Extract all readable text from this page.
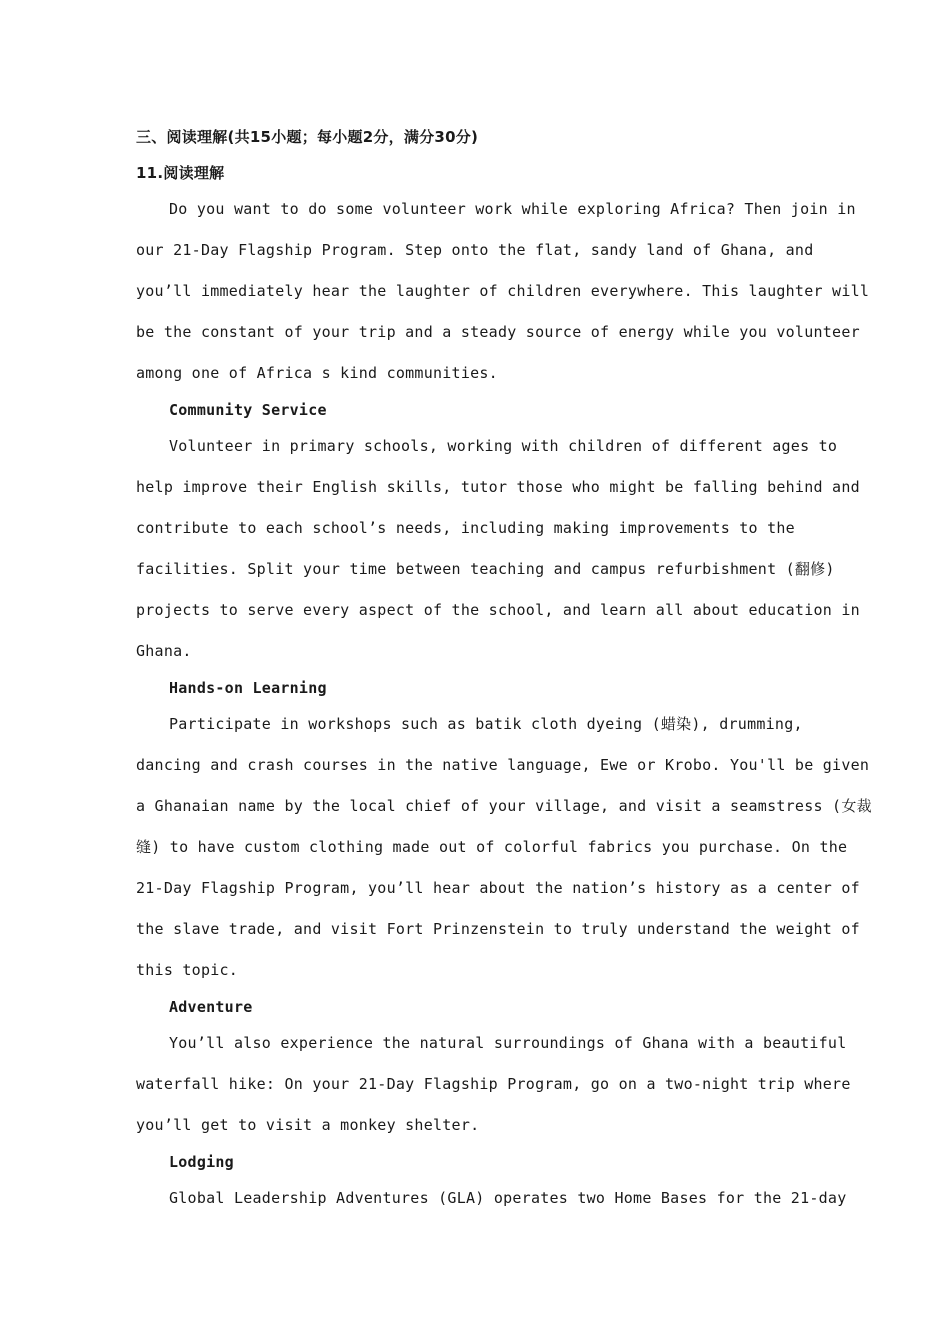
三、阅读理解(共15小题；每小题2分，满分30分)
11.阅读理解
Do you want to do some volunteer work while exploring Africa? Then join in
our 21-Day Flagship Program. Step onto the flat, sandy land of Ghana, and
you’ll immediately hear the laughter of children everywhere. This laughter will
be the constant of your trip and a steady source of energy while you volunteer
among one of Africa s kind communities.
Community Service
Volunteer in primary schools, working with children of different ages to
help improve their English skills, tutor those who might be falling behind and
contribute to each school’s needs, including making improvements to the
facilities. Split your time between teaching and campus refurbishment (翻修)
projects to serve every aspect of the school, and learn all about education in
Ghana.
Hands-on Learning
Participate in workshops such as batik cloth dyeing (蜡染), drumming,
dancing and crash courses in the native language, Ewe or Krobo. You'll be given
a Ghanaian name by the local chief of your village, and visit a seamstress (女裁
缝) to have custom clothing made out of colorful fabrics you purchase. On the
21-Day Flagship Program, you’ll hear about the nation’s history as a center of
the slave trade, and visit Fort Prinzenstein to truly understand the weight of
this topic.
Adventure
You’ll also experience the natural surroundings of Ghana with a beautiful
waterfall hike: On your 21-Day Flagship Program, go on a two-night trip where
you’ll get to visit a monkey shelter.
Lodging
Global Leadership Adventures (GLA) operates two Home Bases for the 21-day
